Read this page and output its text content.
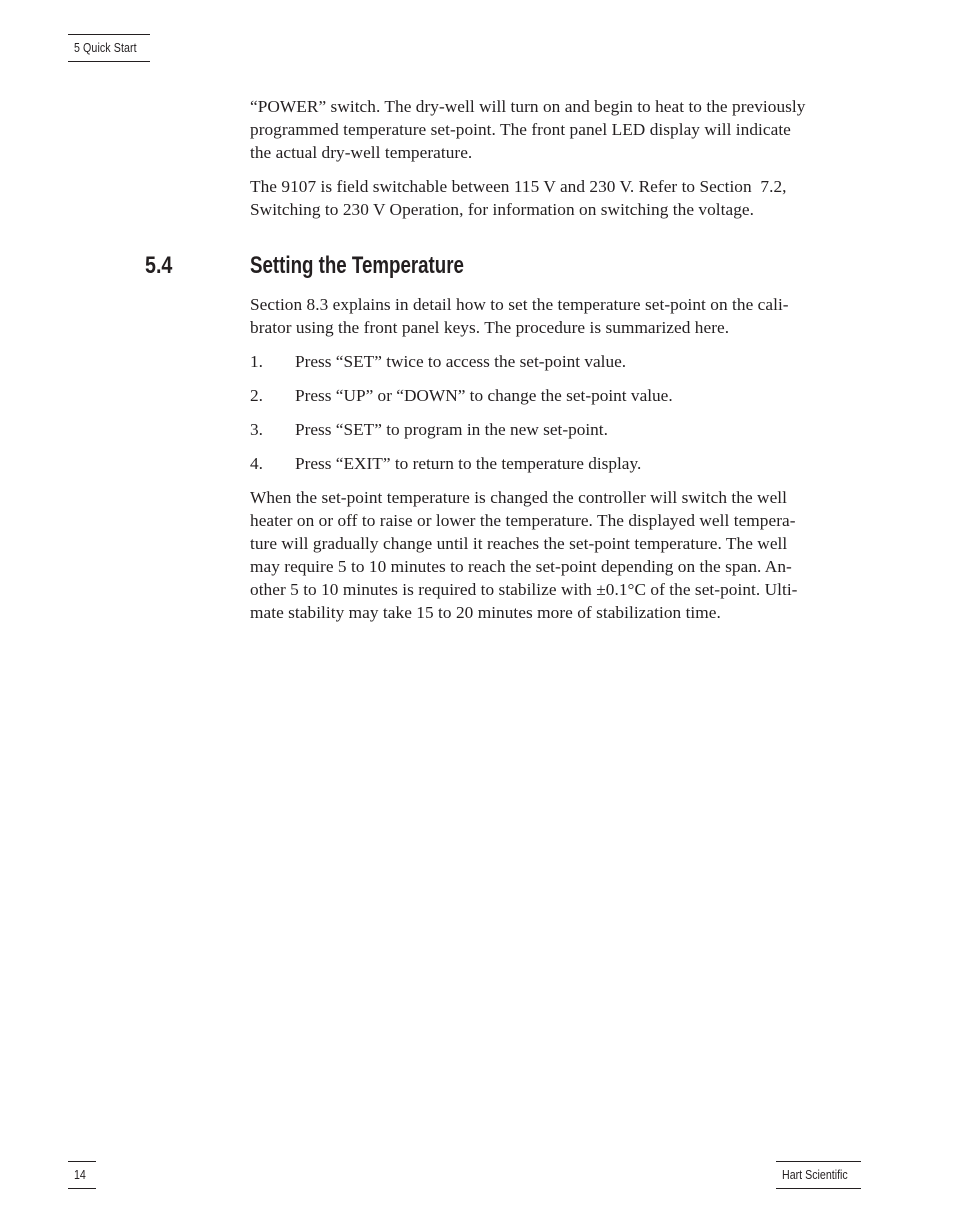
5 Quick Start
“POWER” switch. The dry-well will turn on and begin to heat to the previously
programmed temperature set-point. The front panel LED display will indicate
the actual dry-well temperature.
The 9107 is field switchable between 115 V and 230 V. Refer to Section  7.2,
Switching to 230 V Operation, for information on switching the voltage.
5.4	Setting the Temperature
Section 8.3 explains in detail how to set the temperature set-point on the cali-
brator using the front panel keys. The procedure is summarized here.
1. Press “SET” twice to access the set-point value.
2. Press “UP” or “DOWN” to change the set-point value.
3. Press “SET” to program in the new set-point.
4. Press “EXIT” to return to the temperature display.
When the set-point temperature is changed the controller will switch the well
heater on or off to raise or lower the temperature. The displayed well tempera-
ture will gradually change until it reaches the set-point temperature. The well
may require 5 to 10 minutes to reach the set-point depending on the span. An-
other 5 to 10 minutes is required to stabilize with ±0.1°C of the set-point. Ulti-
mate stability may take 15 to 20 minutes more of stabilization time.
14	Hart Scientific
